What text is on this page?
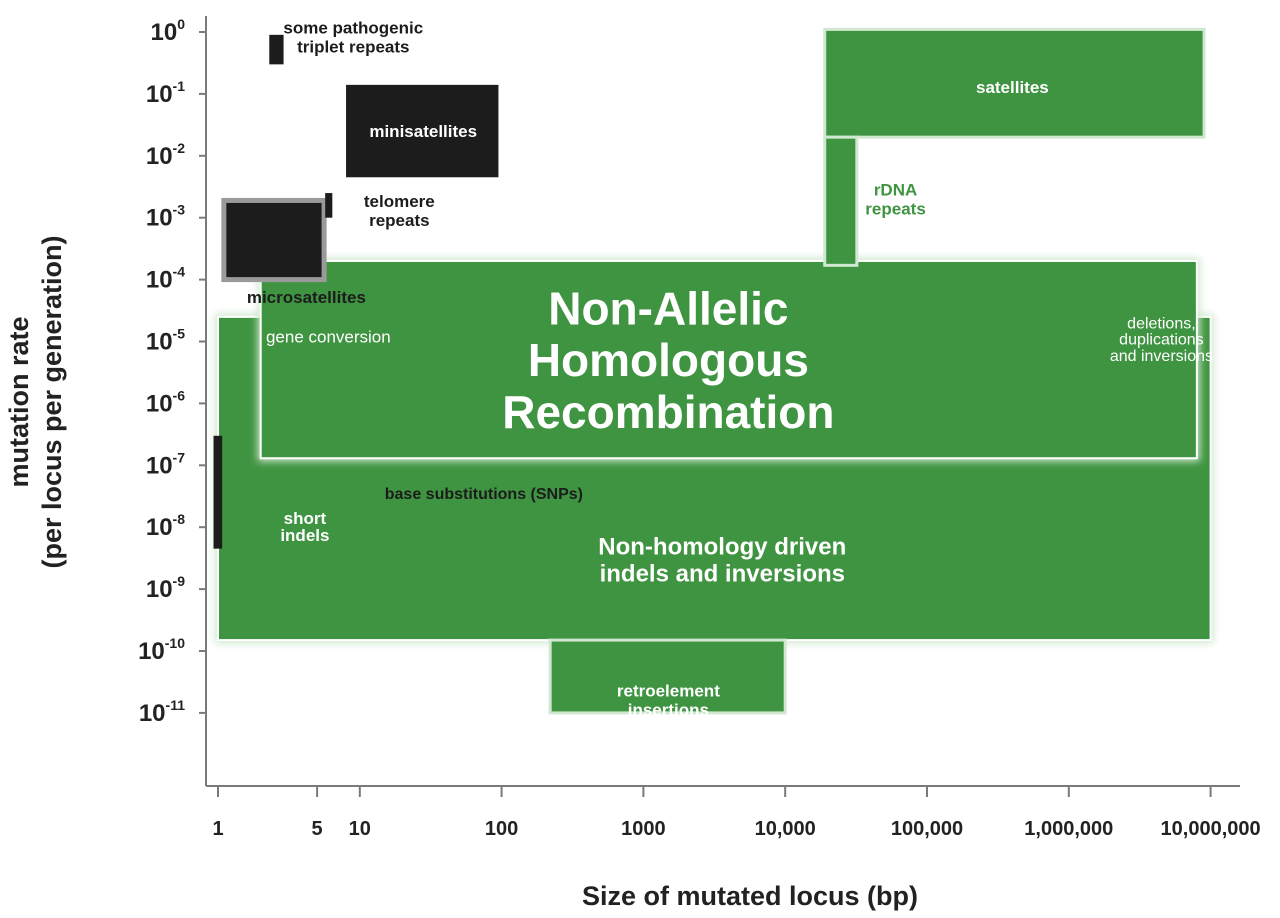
1	5 10	100	1000	10,000	100,000	1,000,000 10,000,000
100
10-1
10-2
10-3
10-4
10-5
10-6
10-7
10-8
10-9
10-10
10-11
Non-homology driven
indels and inversions
Non-Allelic
Homologous
Recombination
satellites
rDNA
repeats
retroelement
insertions
minisatellites
microsatellites
telomere
repeats
some pathogenic
triplet repeats
base substitutions (SNPs)
gene conversion
deletions,
duplications
and inversions
short
indels
Size of mutated locus (bp)
mutation rate (per locus per generation)
